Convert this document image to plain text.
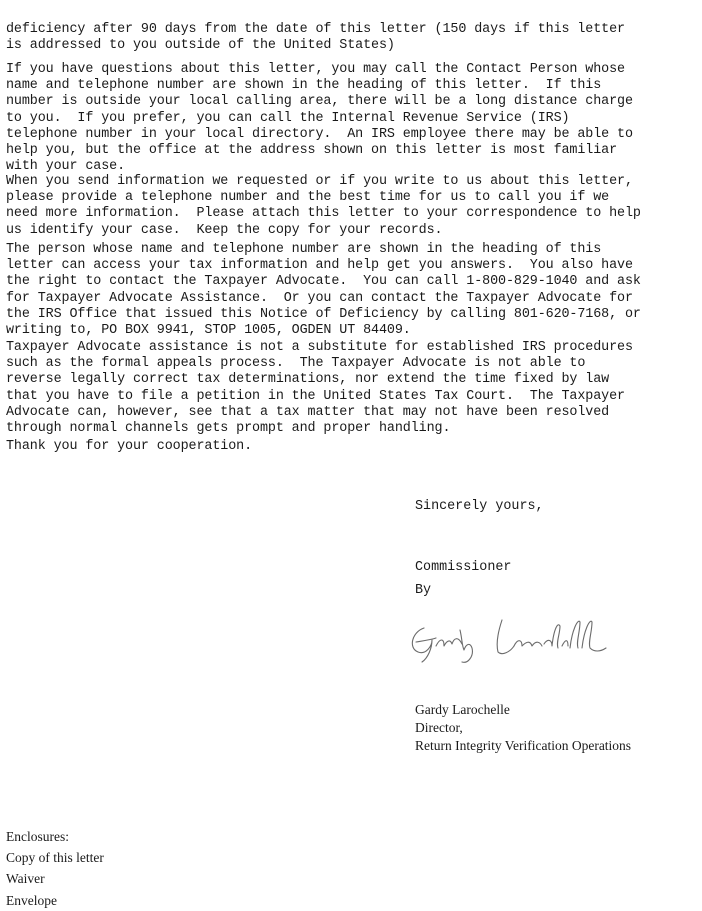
deficiency after 90 days from the date of this letter (150 days if this letter
is addressed to you outside of the United States)

If you have questions about this letter, you may call the Contact Person whose
name and telephone number are shown in the heading of this letter.  If this
number is outside your local calling area, there will be a long distance charge
to you.  If you prefer, you can call the Internal Revenue Service (IRS)
telephone number in your local directory.  An IRS employee there may be able to
help you, but the office at the address shown on this letter is most familiar
with your case.

When you send information we requested or if you write to us about this letter,
please provide a telephone number and the best time for us to call you if we
need more information.  Please attach this letter to your correspondence to help
us identify your case.  Keep the copy for your records.

The person whose name and telephone number are shown in the heading of this
letter can access your tax information and help get you answers.  You also have
the right to contact the Taxpayer Advocate.  You can call 1-800-829-1040 and ask
for Taxpayer Advocate Assistance.  Or you can contact the Taxpayer Advocate for
the IRS Office that issued this Notice of Deficiency by calling 801-620-7168, or
writing to, PO BOX 9941, STOP 1005, OGDEN UT 84409.

Taxpayer Advocate assistance is not a substitute for established IRS procedures
such as the formal appeals process.  The Taxpayer Advocate is not able to
reverse legally correct tax determinations, nor extend the time fixed by law
that you have to file a petition in the United States Tax Court.  The Taxpayer
Advocate can, however, see that a tax matter that may not have been resolved
through normal channels gets prompt and proper handling.

Thank you for your cooperation.

Sincerely yours,

Commissioner

By

Gardy Larochelle

Director,

Return Integrity Verification Operations

Enclosures:
Copy of this letter
Waiver
Envelope
